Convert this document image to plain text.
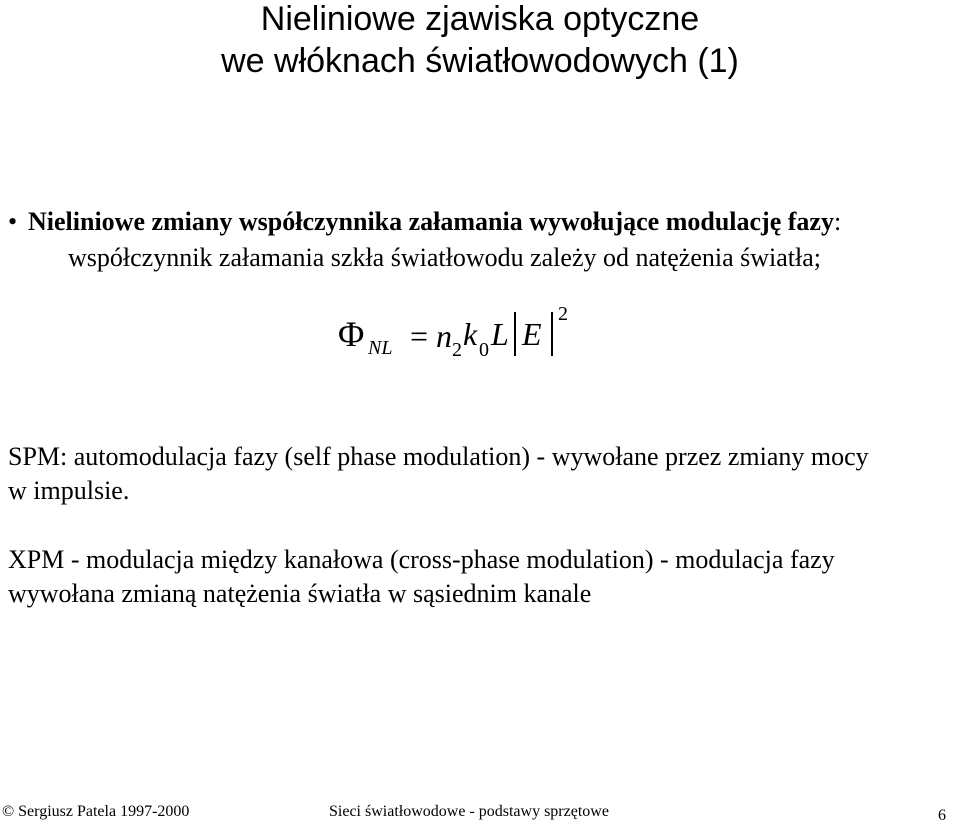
Nieliniowe zjawiska optyczne
we włóknach światłowodowych (1)
• Nieliniowe zmiany współczynnika załamania wywołujące modulację fazy:
współczynnik załamania szkła światłowodu zależy od natężenia światła;
Φ NL = n 2 k 0 L E
2
SPM: automodulacja fazy (self phase modulation) - wywołane przez zmiany mocy
w impulsie.
XPM - modulacja między kanałowa (cross-phase modulation) - modulacja fazy
wywołana zmianą natężenia światła w sąsiednim kanale
© Sergiusz Patela 1997-2000	Sieci światłowodowe - podstawy sprzętowe	6
